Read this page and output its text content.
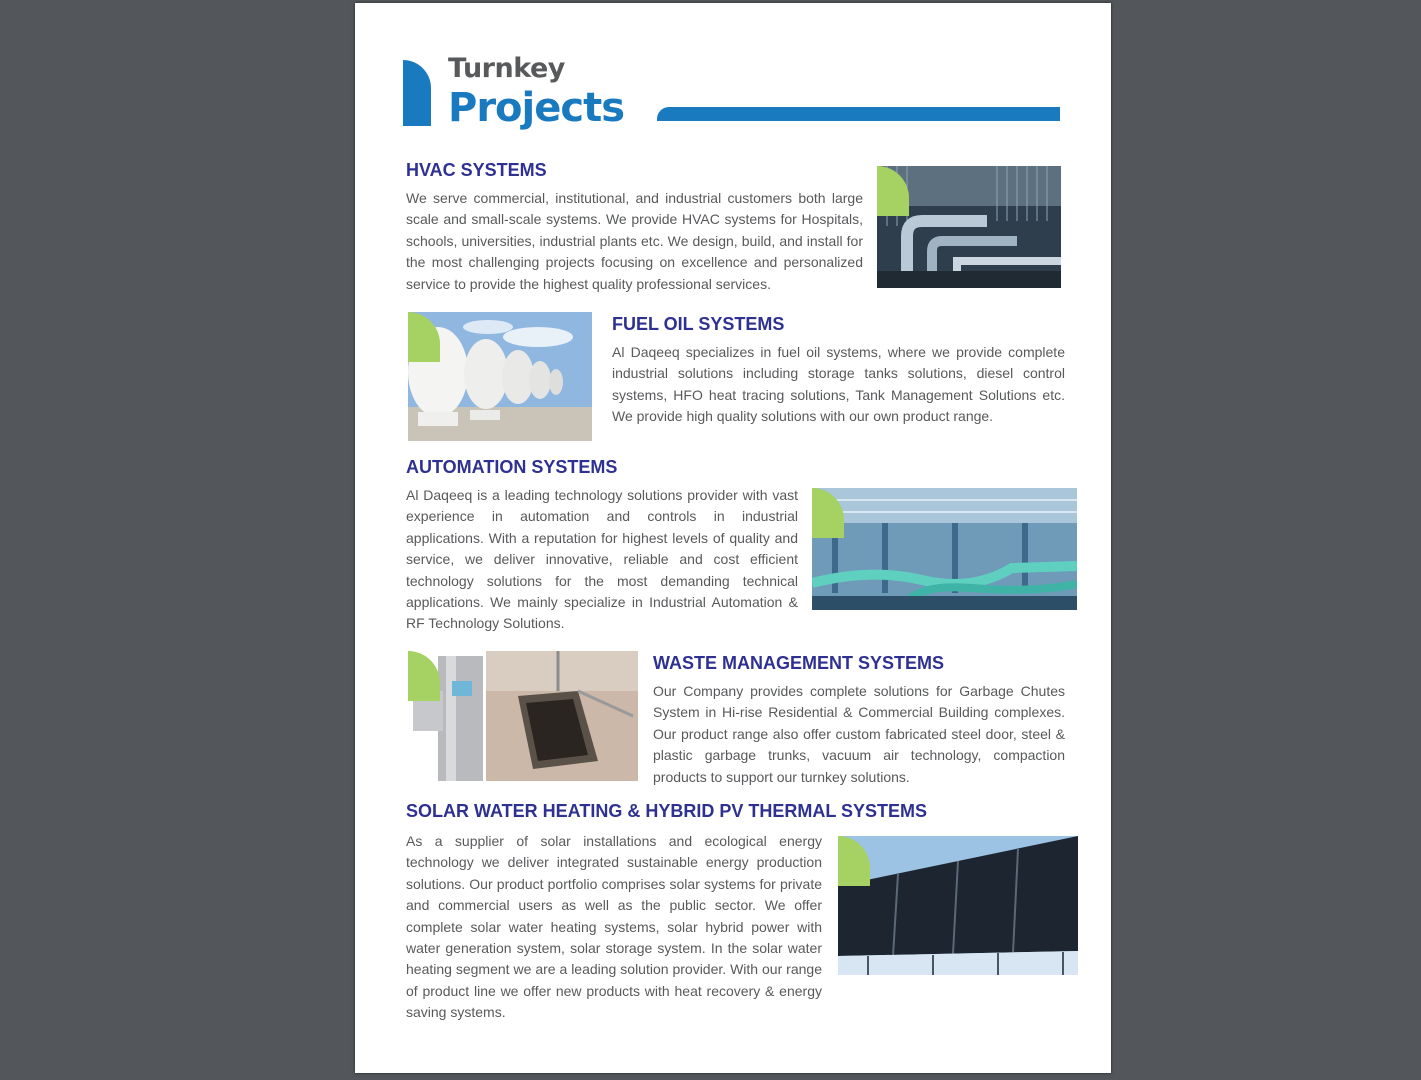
Turnkey
Projects
HVAC SYSTEMS

We serve commercial, institutional, and industrial customers both large scale and small-scale systems. We provide HVAC systems for Hospitals, schools, universities, industrial plants etc. We design, build, and install for the most challenging projects focusing on excellence and personalized service to provide the highest quality professional services.

FUEL OIL SYSTEMS

Al Daqeeq specializes in fuel oil systems, where we provide complete industrial solutions including storage tanks solutions, diesel control systems, HFO heat tracing solutions, Tank Management Solutions etc. We provide high quality solutions with our own product range.

AUTOMATION SYSTEMS

Al Daqeeq is a leading technology solutions provider with vast experience in automation and controls in industrial applications. With a reputation for highest levels of quality and service, we deliver innovative, reliable and cost efficient technology solutions for the most demanding technical applications. We mainly specialize in Industrial Automation & RF Technology Solutions.

WASTE MANAGEMENT SYSTEMS

Our Company provides complete solutions for Garbage Chutes System in Hi-rise Residential & Commercial Building complexes. Our product range also offer custom fabricated steel door, steel & plastic garbage trunks, vacuum air technology, compaction products to support our turnkey solutions.

SOLAR WATER HEATING & HYBRID PV THERMAL SYSTEMS

As a supplier of solar installations and ecological energy technology we deliver integrated sustainable energy production solutions. Our product portfolio comprises solar systems for private and commercial users as well as the public sector. We offer complete solar water heating systems, solar hybrid power with water generation system, solar storage system. In the solar water heating segment we are a leading solution provider. With our range of product line we offer new products with heat recovery & energy saving systems.
